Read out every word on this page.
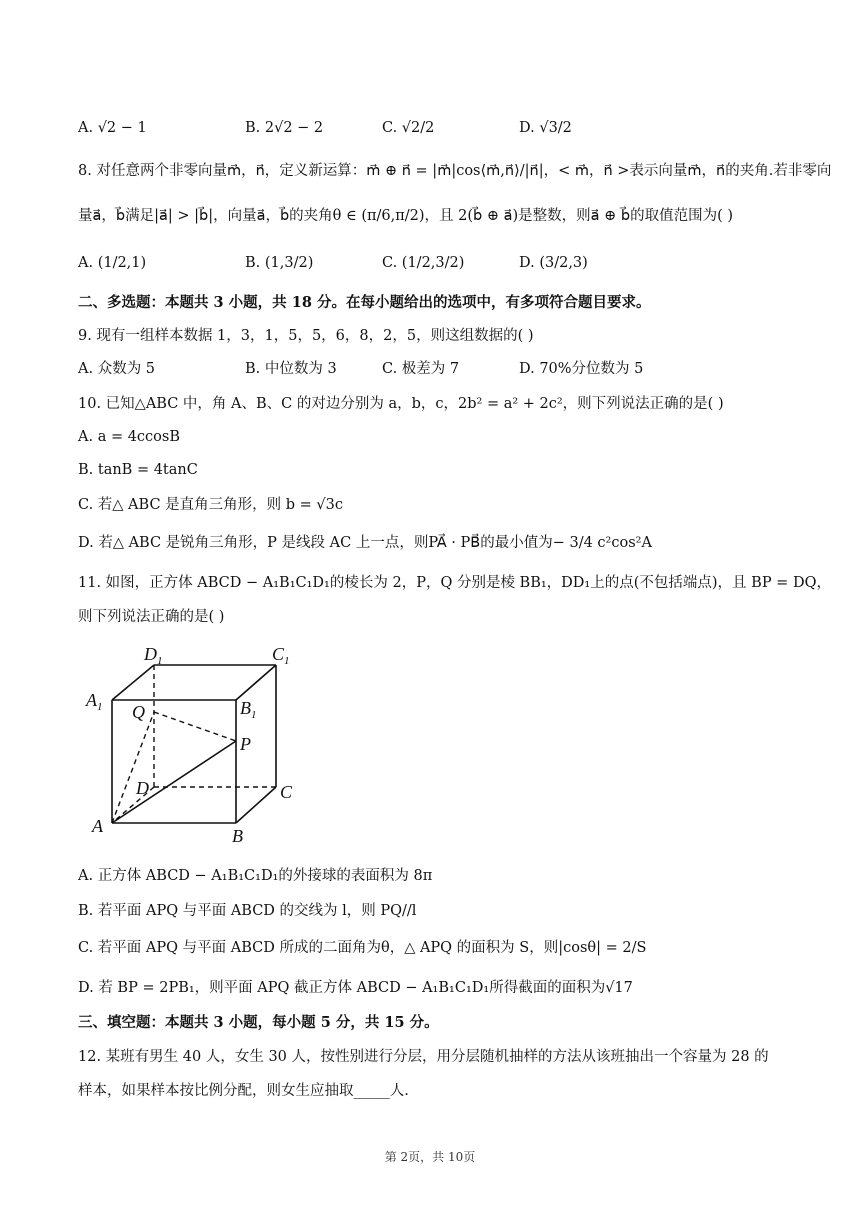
A. √2 − 1	B. 2√2 − 2	C. √2/2	D. √3/2
8. 对任意两个非零向量m⃗，n⃗，定义新运算：m⃗ ⊕ n⃗ = |m⃗|cos⟨m⃗,n⃗⟩/|n⃗|，< m⃗，n⃗ >表示向量m⃗，n⃗的夹角.若非零向
量a⃗，b⃗满足|a⃗| > |b⃗|，向量a⃗，b⃗的夹角θ ∈ (π/6,π/2)，且 2(b⃗ ⊕ a⃗)是整数，则a⃗ ⊕ b⃗的取值范围为( )
A. (1/2,1)	B. (1,3/2)	C. (1/2,3/2)	D. (3/2,3)
二、多选题：本题共 3 小题，共 18 分。在每小题给出的选项中，有多项符合题目要求。
9. 现有一组样本数据 1，3，1，5，5，6，8，2，5，则这组数据的( )
A. 众数为 5	B. 中位数为 3	C. 极差为 7	D. 70%分位数为 5
10. 已知△ABC 中，角 A、B、C 的对边分别为 a，b，c，2b² = a² + 2c²，则下列说法正确的是( )
A. a = 4ccosB
B. tanB = 4tanC
C. 若△ ABC 是直角三角形，则 b = √3c
D. 若△ ABC 是锐角三角形，P 是线段 AC 上一点，则PA⃗ · PB⃗的最小值为− 3/4 c²cos²A
11. 如图，正方体 ABCD − A₁B₁C₁D₁的棱长为 2，P，Q 分别是棱 BB₁，DD₁上的点(不包括端点)，且 BP = DQ，
则下列说法正确的是( )
$D_1$	$C_1$
$A_1$	$B_1$
Q
P
D	C
A	B
A. 正方体 ABCD − A₁B₁C₁D₁的外接球的表面积为 8π
B. 若平面 APQ 与平面 ABCD 的交线为 l，则 PQ//l
C. 若平面 APQ 与平面 ABCD 所成的二面角为θ，△ APQ 的面积为 S，则|cosθ| = 2/S
D. 若 BP = 2PB₁，则平面 APQ 截正方体 ABCD − A₁B₁C₁D₁所得截面的面积为√17
三、填空题：本题共 3 小题，每小题 5 分，共 15 分。
12. 某班有男生 40 人，女生 30 人，按性别进行分层，用分层随机抽样的方法从该班抽出一个容量为 28 的
样本，如果样本按比例分配，则女生应抽取_____人.
第 2页，共 10页
